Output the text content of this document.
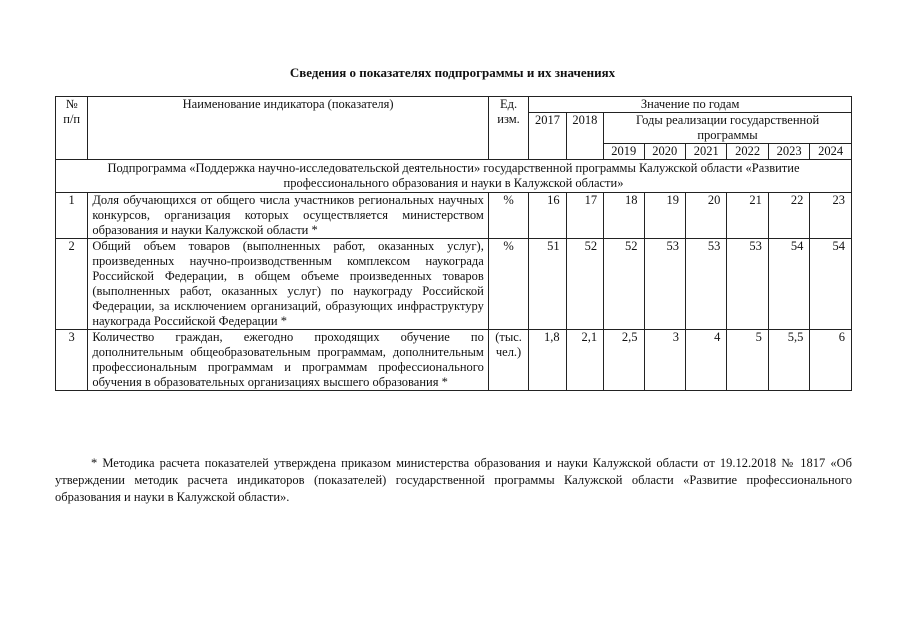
Сведения о показателях подпрограммы и их значениях
№ п/п	Наименование индикатора (показателя)	Ед. изм.	Значение по годам							
			2017	2018	Годы реализации государственной программы					
					2019	2020	2021	2022	2023	2024
Подпрограмма «Поддержка научно-исследовательской деятельности» государственной программы Калужской области «Развитие профессионального образования и науки в Калужской области»										
1	Доля обучающихся от общего числа участников региональных научных конкурсов, организация которых осуществляется министерством образования и науки Калужской области *	%	16	17	18	19	20	21	22	23
2	Общий объем товаров (выполненных работ, оказанных услуг), произведенных научно-производственным комплексом наукограда Российской Федерации, в общем объеме произведенных товаров (выполненных работ, оказанных услуг) по наукограду Российской Федерации, за исключением организаций, образующих инфраструктуру наукограда Российской Федерации *	%	51	52	52	53	53	53	54	54
3	Количество граждан, ежегодно проходящих обучение по дополнительным общеобразовательным программам, дополнительным профессиональным программам и программам профессионального обучения в образовательных организациях высшего образования *	(тыс. чел.)	1,8	2,1	2,5	3	4	5	5,5	6
* Методика расчета показателей утверждена приказом министерства образования и науки Калужской области от 19.12.2018 № 1817 «Об утверждении методик расчета индикаторов (показателей) государственной программы Калужской области «Развитие профессионального образования и науки в Калужской области».
